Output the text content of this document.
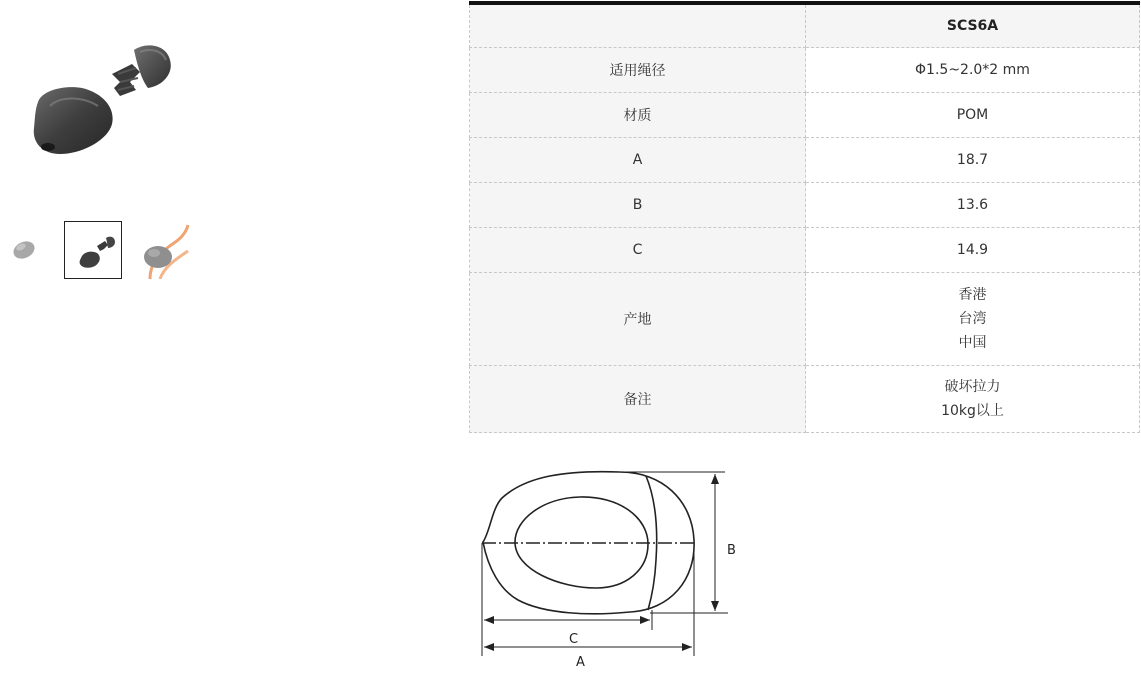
	SCS6A
适用绳径	Φ1.5~2.0*2 mm
材质	POM
A	18.7
B	13.6
C	14.9
产地	香港
台湾
中国

备注	破坏拉力
10kg以上
B
C
A
